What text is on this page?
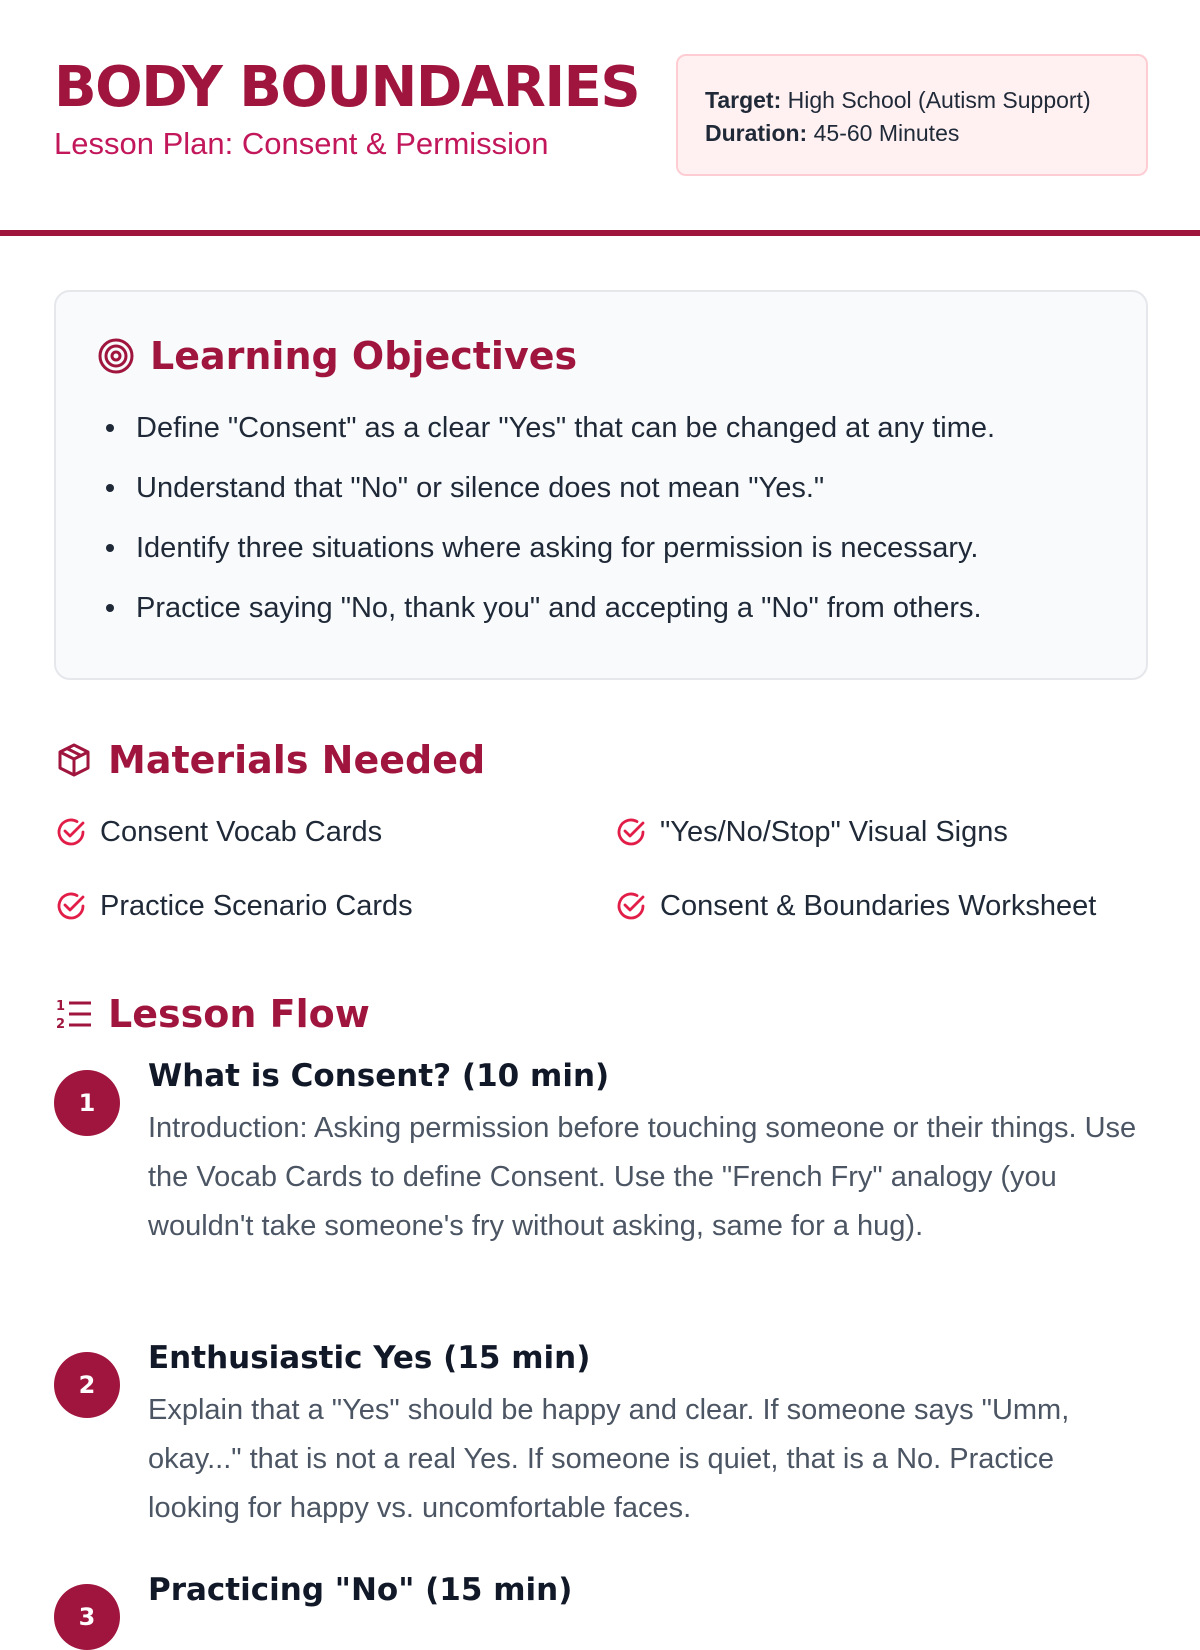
BODY BOUNDARIES
Lesson Plan: Consent & Permission
Target: High School (Autism Support)
Duration: 45-60 Minutes
Learning Objectives
Define "Consent" as a clear "Yes" that can be changed at any time.
Understand that "No" or silence does not mean "Yes."
Identify three situations where asking for permission is necessary.
Practice saying "No, thank you" and accepting a "No" from others.
Materials Needed
Consent Vocab Cards	"Yes/No/Stop" Visual Signs
Practice Scenario Cards	Consent & Boundaries Worksheet
1
2 Lesson Flow
1
What is Consent? (10 min)
Introduction: Asking permission before touching someone or their things. Use the Vocab Cards to define Consent. Use the "French Fry" analogy (you wouldn't take someone's fry without asking, same for a hug).
2
Enthusiastic Yes (15 min)
Explain that a "Yes" should be happy and clear. If someone says "Umm, okay..." that is not a real Yes. If someone is quiet, that is a No. Practice looking for happy vs. uncomfortable faces.
3
Practicing "No" (15 min)
